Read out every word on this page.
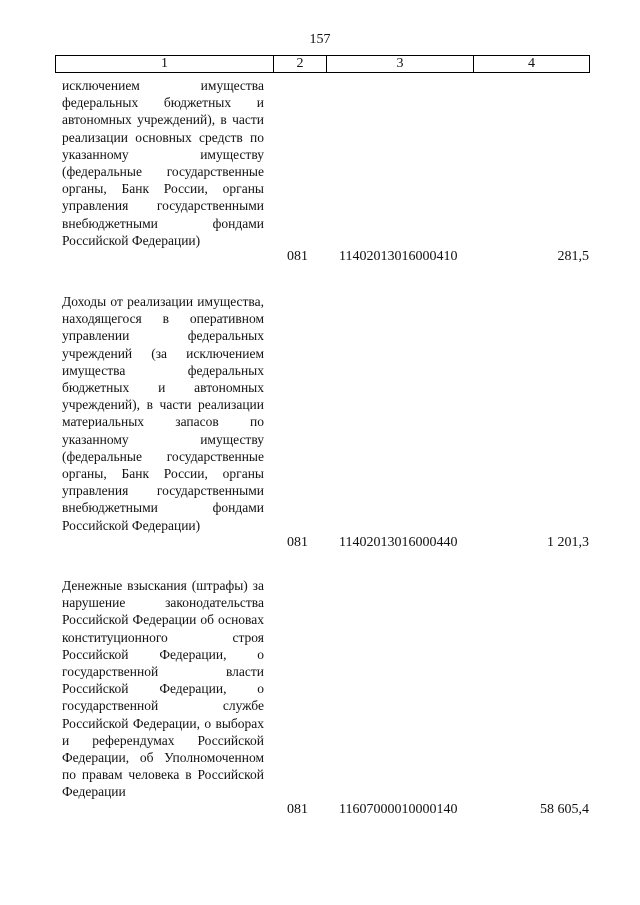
157
1	2	3	4
исключением имущества федеральных бюджетных и автономных учреждений), в части реализации основных средств по указанному имуществу (федеральные государственные органы, Банк России, органы управления государственными внебюджетными фондами Российской Федерации)
081	11402013016000410	281,5
Доходы от реализации имущества, находящегося в оперативном управлении федеральных учреждений (за исключением имущества федеральных бюджетных и автономных учреждений), в части реализации материальных запасов по указанному имуществу (федеральные государственные органы, Банк России, органы управления государственными внебюджетными фондами Российской Федерации)
081	11402013016000440	1 201,3
Денежные взыскания (штрафы) за нарушение законодательства Российской Федерации об основах конституционного строя Российской Федерации, о государственной власти Российской Федерации, о государственной службе Российской Федерации, о выборах и референдумах Российской Федерации, об Уполномоченном по правам человека в Российской Федерации
081	11607000010000140	58 605,4
